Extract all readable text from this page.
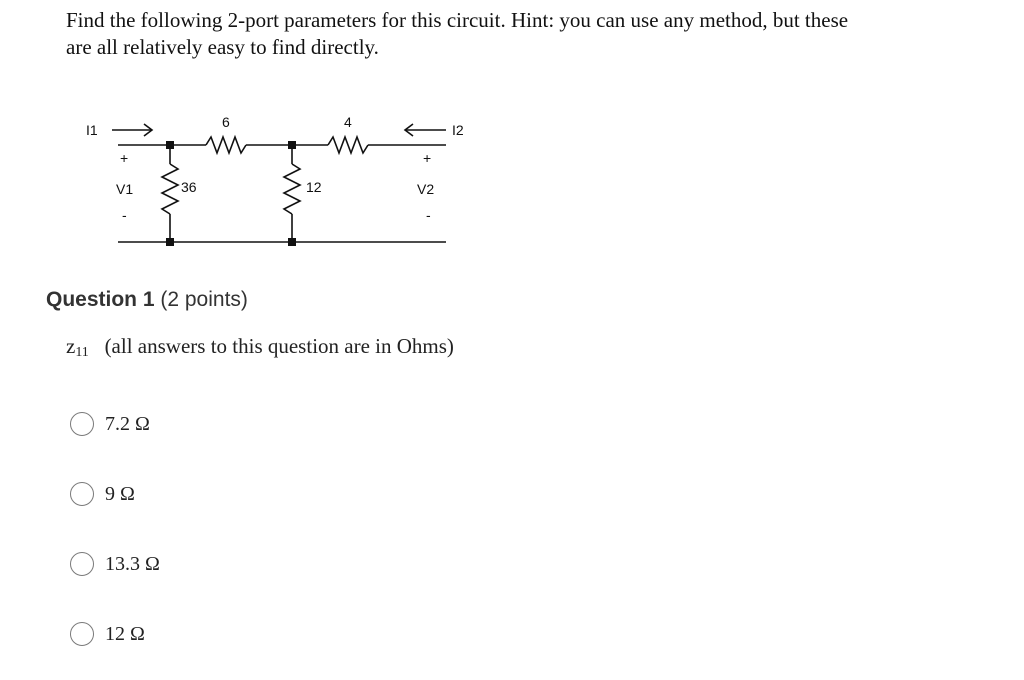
Find the following 2-port parameters for this circuit. Hint: you can use any method, but these
are all relatively easy to find directly.
I1	I2
+
V1
-
+
V2
-
6	4
36	12
Question 1 (2 points)
$z_{11}$ (all answers to this question are in Ohms)
7.2 Ω
9 Ω
13.3 Ω
12 Ω
